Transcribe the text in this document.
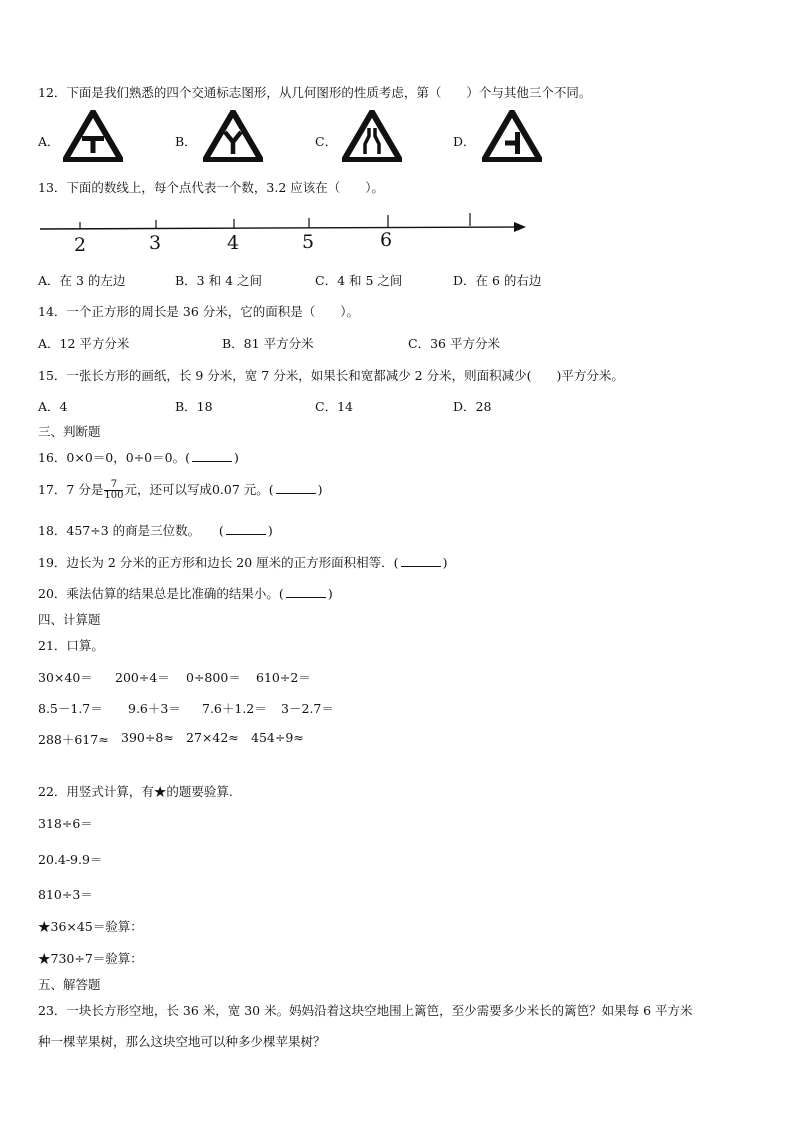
12．下面是我们熟悉的四个交通标志图形，从几何图形的性质考虑，第（　　）个与其他三个不同。
A．	B．	C．	D．
13．下面的数线上，每个点代表一个数，3.2 应该在（　　）。
2	3	4	5	6
A．在 3 的左边	B．3 和 4 之间	C．4 和 5 之间	D．在 6 的右边
14．一个正方形的周长是 36 分米，它的面积是（　　）。
A．12 平方分米	B．81 平方分米	C．36 平方分米
15．一张长方形的画纸，长 9 分米，宽 7 分米，如果长和宽都减少 2 分米，则面积减少(　　)平方分米。
A．4	B．18	C．14	D．28
三、判断题
16．0×0＝0，0÷0＝0。(	)
17．7 分是 $\frac{7}{100}$ 元，还可以写成0.07 元。(	)
18．457÷3 的商是三位数。　　(	)
19．边长为 2 分米的正方形和边长 20 厘米的正方形面积相等．(	)
20．乘法估算的结果总是比准确的结果小。(	)
四、计算题
21．口算。
30×40＝ 200÷4＝ 0÷800＝ 610÷2＝
8.5－1.7＝ 9.6＋3＝ 7.6＋1.2＝ 3－2.7＝
288＋617≈ 390÷8≈ 27×42≈ 454÷9≈
22．用竖式计算，有★的题要验算.
318÷6＝
20.4-9.9＝
810÷3＝
★36×45＝验算：
★730÷7＝验算：
五、解答题
23．一块长方形空地，长 36 米，宽 30 米。妈妈沿着这块空地围上篱笆，至少需要多少米长的篱笆？如果每 6 平方米
种一棵苹果树，那么这块空地可以种多少棵苹果树？
